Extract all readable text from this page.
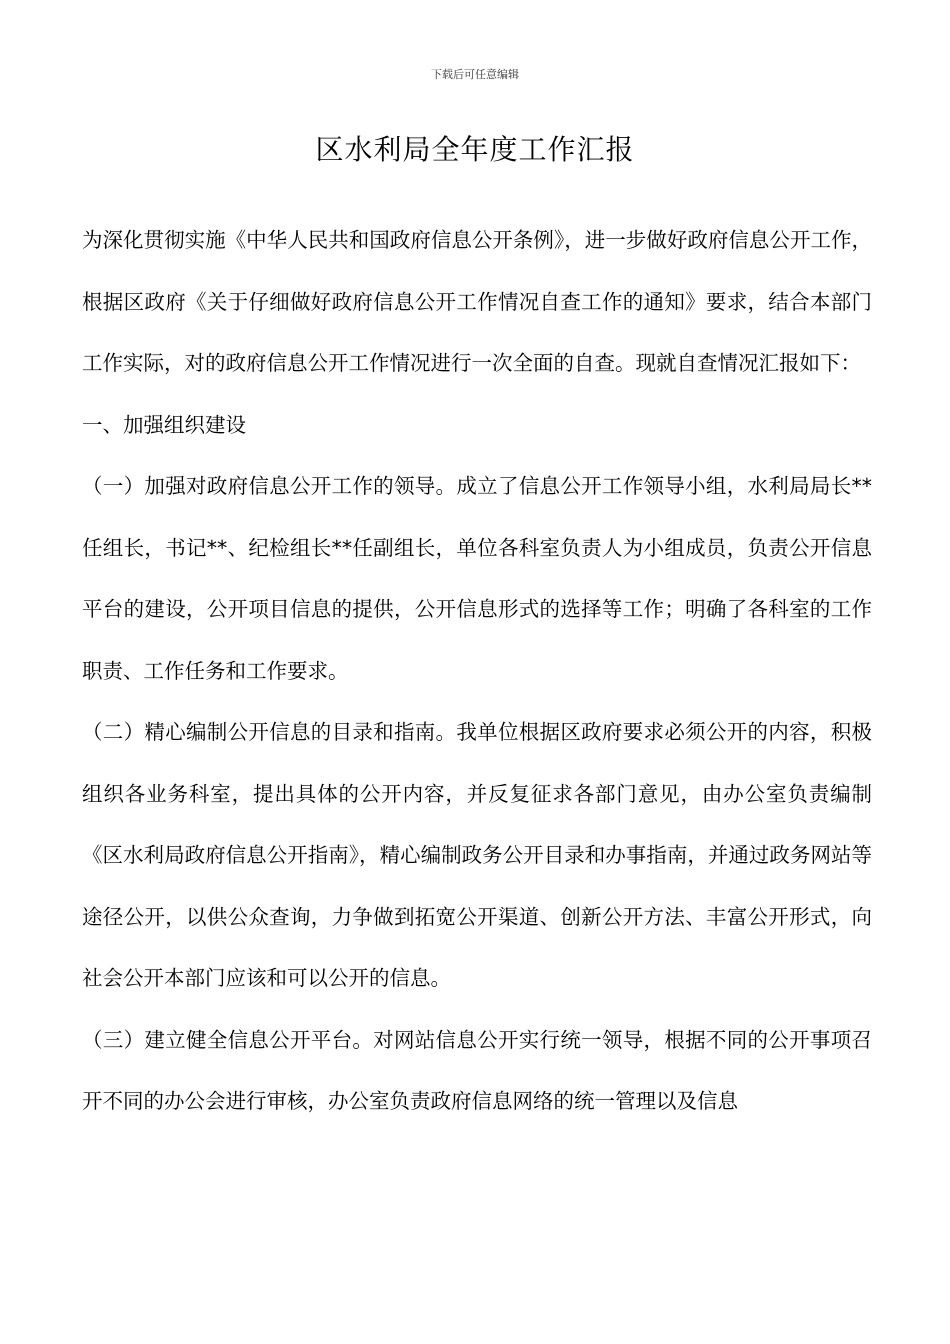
下载后可任意编辑
区水利局全年度工作汇报

为深化贯彻实施《中华人民共和国政府信息公开条例》，进一步做好政府信息公开工作，根据区政府《关于仔细做好政府信息公开工作情况自查工作的通知》要求，结合本部门工作实际，对的政府信息公开工作情况进行一次全面的自查。现就自查情况汇报如下：

一、加强组织建设

（一）加强对政府信息公开工作的领导。成立了信息公开工作领导小组，水利局局长**任组长，书记**、纪检组长**任副组长，单位各科室负责人为小组成员，负责公开信息平台的建设，公开项目信息的提供，公开信息形式的选择等工作；明确了各科室的工作职责、工作任务和工作要求。

（二）精心编制公开信息的目录和指南。我单位根据区政府要求必须公开的内容，积极组织各业务科室，提出具体的公开内容，并反复征求各部门意见，由办公室负责编制《区水利局政府信息公开指南》，精心编制政务公开目录和办事指南，并通过政务网站等途径公开，以供公众查询，力争做到拓宽公开渠道、创新公开方法、丰富公开形式，向社会公开本部门应该和可以公开的信息。

（三）建立健全信息公开平台。对网站信息公开实行统一领导，根据不同的公开事项召开不同的办公会进行审核，办公室负责政府信息网络的统一管理以及信息
